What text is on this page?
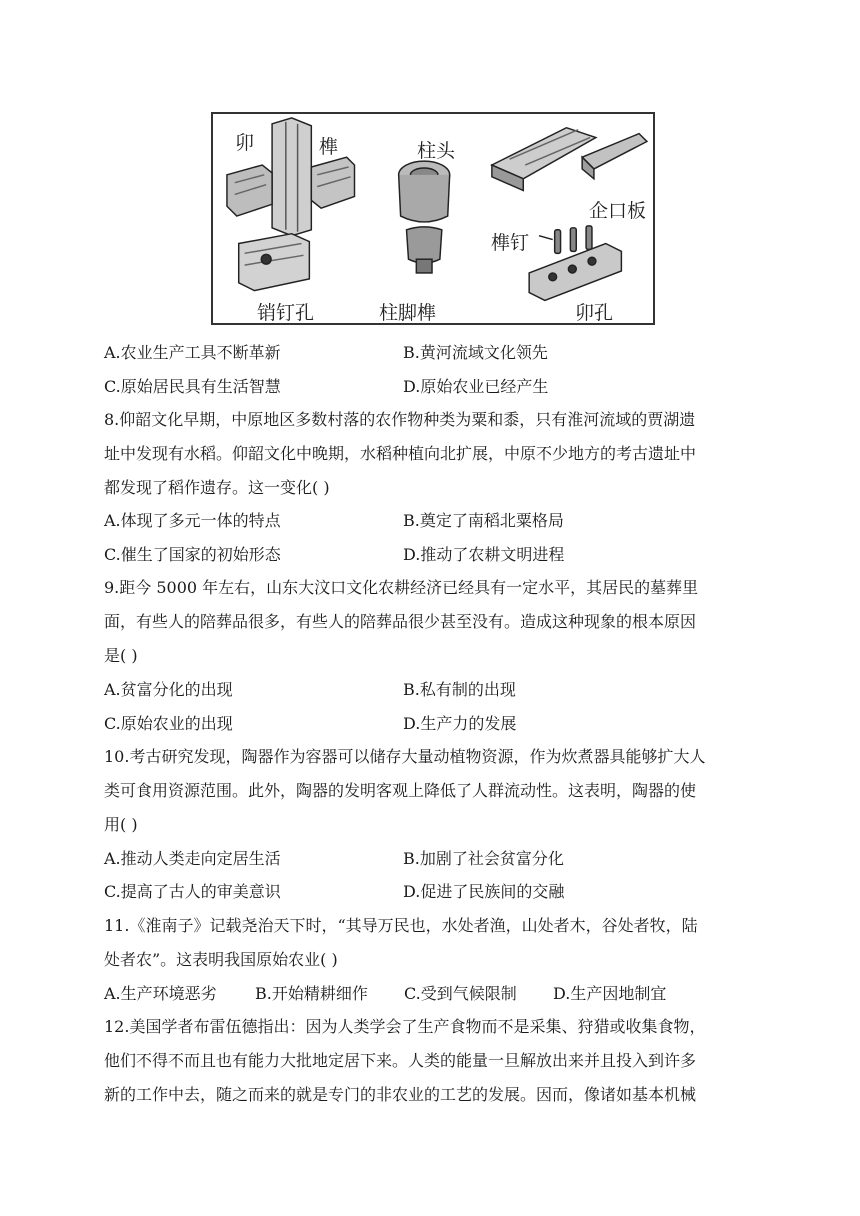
卯	榫	柱头
企口板
榫钉
销钉孔	柱脚榫	卯孔
A.农业生产工具不断革新	B.黄河流域文化领先
C.原始居民具有生活智慧	D.原始农业已经产生
8.仰韶文化早期，中原地区多数村落的农作物种类为粟和黍，只有淮河流域的贾湖遗
址中发现有水稻。仰韶文化中晚期，水稻种植向北扩展，中原不少地方的考古遗址中
都发现了稻作遗存。这一变化( )
A.体现了多元一体的特点	B.奠定了南稻北粟格局
C.催生了国家的初始形态	D.推动了农耕文明进程
9.距今 5000 年左右，山东大汶口文化农耕经济已经具有一定水平，其居民的墓葬里
面，有些人的陪葬品很多，有些人的陪葬品很少甚至没有。造成这种现象的根本原因
是( )
A.贫富分化的出现	B.私有制的出现
C.原始农业的出现	D.生产力的发展
10.考古研究发现，陶器作为容器可以储存大量动植物资源，作为炊煮器具能够扩大人
类可食用资源范围。此外，陶器的发明客观上降低了人群流动性。这表明，陶器的使
用( )
A.推动人类走向定居生活	B.加剧了社会贫富分化
C.提高了古人的审美意识	D.促进了民族间的交融
11.《淮南子》记载尧治天下时，“其导万民也，水处者渔，山处者木，谷处者牧，陆
处者农”。这表明我国原始农业( )
A.生产环境恶劣 B.开始精耕细作 C.受到气候限制 D.生产因地制宜
12.美国学者布雷伍德指出：因为人类学会了生产食物而不是采集、狩猎或收集食物，
他们不得不而且也有能力大批地定居下来。人类的能量一旦解放出来并且投入到许多
新的工作中去，随之而来的就是专门的非农业的工艺的发展。因而，像诸如基本机械
